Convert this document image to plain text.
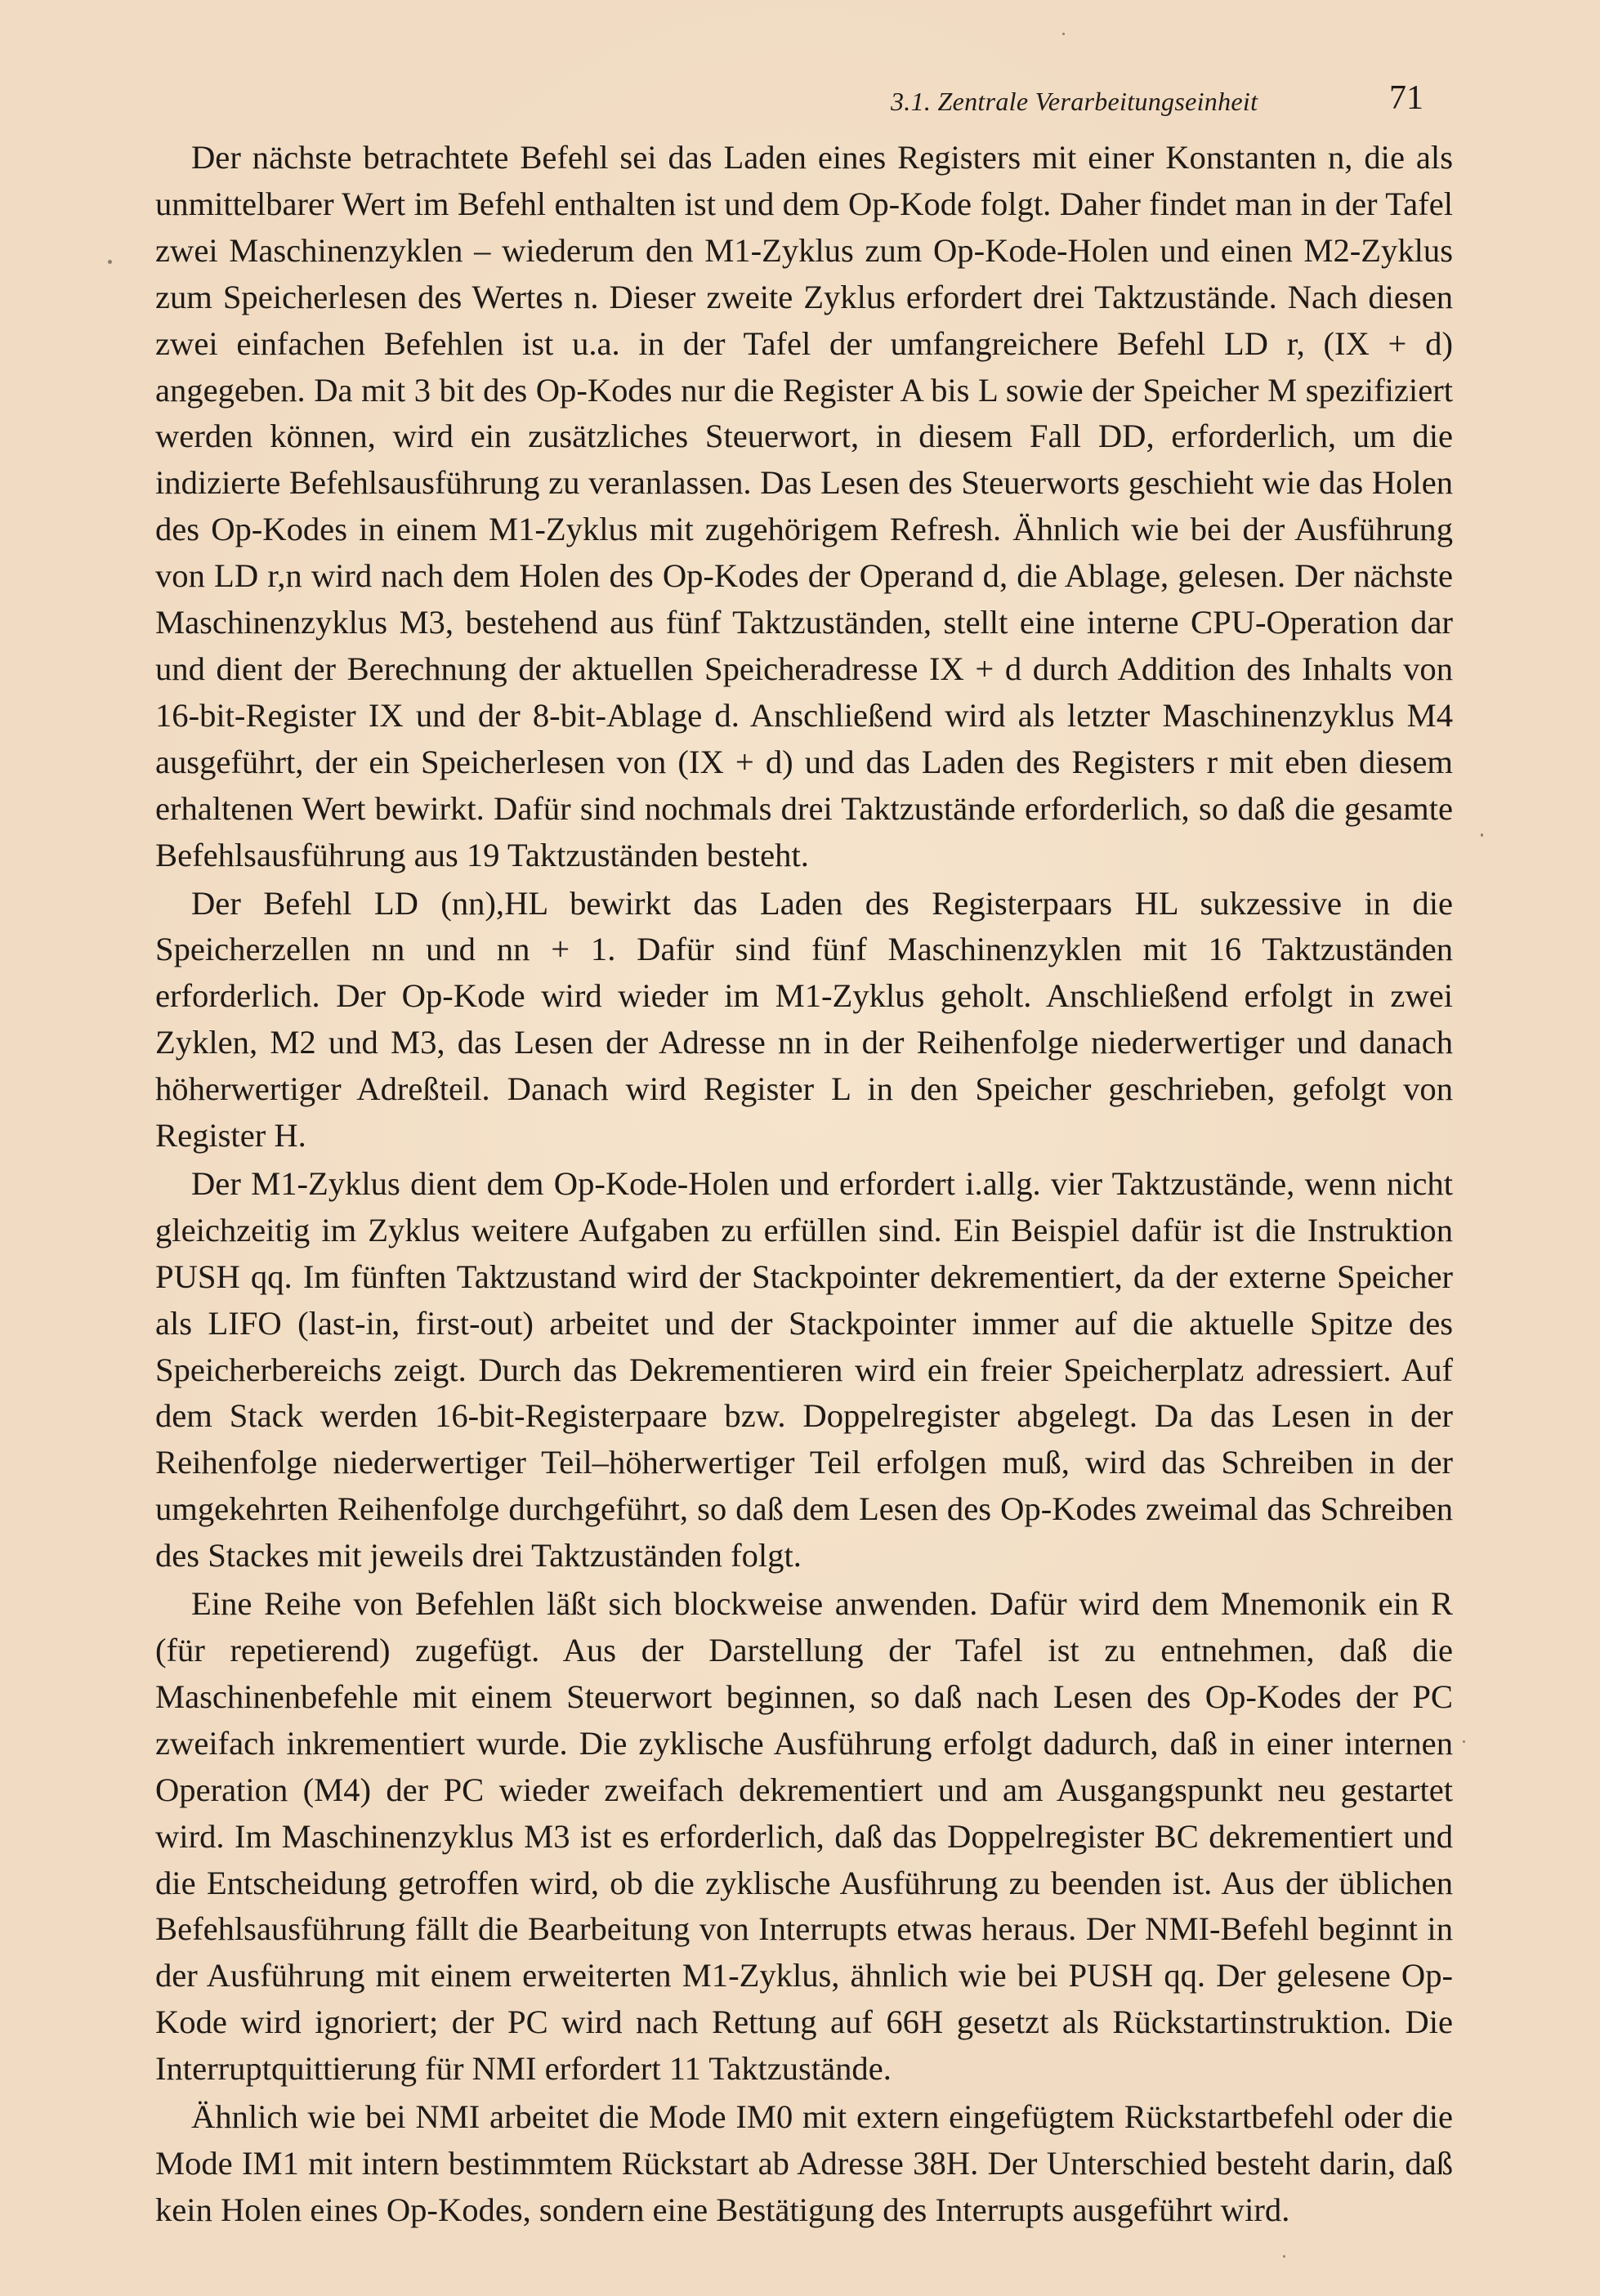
3.1. Zentrale Verarbeitungseinheit	71

Der nächste betrachtete Befehl sei das Laden eines Registers mit einer Konstanten n, die als unmittelbarer Wert im Befehl enthalten ist und dem Op-Kode folgt. Daher findet man in der Tafel zwei Maschinenzyklen – wiederum den M1-Zyklus zum Op-Kode-Holen und einen M2-Zyklus zum Speicherlesen des Wertes n. Dieser zweite Zyklus erfordert drei Taktzustände. Nach diesen zwei einfachen Befehlen ist u.a. in der Tafel der umfangreichere Befehl LD r, (IX + d) angegeben. Da mit 3 bit des Op-Kodes nur die Register A bis L sowie der Speicher M spezifiziert werden können, wird ein zusätzliches Steuerwort, in diesem Fall DD, erforderlich, um die indizierte Befehlsausführung zu veranlassen. Das Lesen des Steuerworts geschieht wie das Holen des Op-Kodes in einem M1-Zyklus mit zugehörigem Refresh. Ähnlich wie bei der Ausführung von LD r,n wird nach dem Holen des Op-Kodes der Operand d, die Ablage, gelesen. Der nächste Maschinenzyklus M3, bestehend aus fünf Taktzuständen, stellt eine interne CPU-Operation dar und dient der Berechnung der aktuellen Speicheradresse IX + d durch Addition des Inhalts von 16-bit-Register IX und der 8-bit-Ablage d. Anschließend wird als letzter Maschinenzyklus M4 ausgeführt, der ein Speicherlesen von (IX + d) und das Laden des Registers r mit eben diesem erhaltenen Wert bewirkt. Dafür sind nochmals drei Taktzustände erforderlich, so daß die gesamte Befehlsausführung aus 19 Taktzuständen besteht.

Der Befehl LD (nn),HL bewirkt das Laden des Registerpaars HL sukzessive in die Speicherzellen nn und nn + 1. Dafür sind fünf Maschinenzyklen mit 16 Taktzuständen erforderlich. Der Op-Kode wird wieder im M1-Zyklus geholt. Anschließend erfolgt in zwei Zyklen, M2 und M3, das Lesen der Adresse nn in der Reihenfolge niederwertiger und danach höherwertiger Adreßteil. Danach wird Register L in den Speicher geschrieben, gefolgt von Register H.

Der M1-Zyklus dient dem Op-Kode-Holen und erfordert i.allg. vier Taktzustände, wenn nicht gleichzeitig im Zyklus weitere Aufgaben zu erfüllen sind. Ein Beispiel dafür ist die Instruktion PUSH qq. Im fünften Taktzustand wird der Stackpointer dekrementiert, da der externe Speicher als LIFO (last-in, first-out) arbeitet und der Stackpointer immer auf die aktuelle Spitze des Speicherbereichs zeigt. Durch das Dekrementieren wird ein freier Speicherplatz adressiert. Auf dem Stack werden 16-bit-Registerpaare bzw. Doppelregister abgelegt. Da das Lesen in der Reihenfolge niederwertiger Teil–höherwertiger Teil erfolgen muß, wird das Schreiben in der umgekehrten Reihenfolge durchgeführt, so daß dem Lesen des Op-Kodes zweimal das Schreiben des Stackes mit jeweils drei Taktzuständen folgt.

Eine Reihe von Befehlen läßt sich blockweise anwenden. Dafür wird dem Mnemonik ein R (für repetierend) zugefügt. Aus der Darstellung der Tafel ist zu entnehmen, daß die Maschinenbefehle mit einem Steuerwort beginnen, so daß nach Lesen des Op-Kodes der PC zweifach inkrementiert wurde. Die zyklische Ausführung erfolgt dadurch, daß in einer internen Operation (M4) der PC wieder zweifach dekrementiert und am Ausgangspunkt neu gestartet wird. Im Maschinenzyklus M3 ist es erforderlich, daß das Doppelregister BC dekrementiert und die Entscheidung getroffen wird, ob die zyklische Ausführung zu beenden ist. Aus der üblichen Befehlsausführung fällt die Bearbeitung von Interrupts etwas heraus. Der NMI-Befehl beginnt in der Ausführung mit einem erweiterten M1-Zyklus, ähnlich wie bei PUSH qq. Der gelesene Op-Kode wird ignoriert; der PC wird nach Rettung auf 66H gesetzt als Rückstartinstruktion. Die Interruptquittierung für NMI erfordert 11 Taktzustände.

Ähnlich wie bei NMI arbeitet die Mode IM0 mit extern eingefügtem Rückstartbefehl oder die Mode IM1 mit intern bestimmtem Rückstart ab Adresse 38H. Der Unterschied besteht darin, daß kein Holen eines Op-Kodes, sondern eine Bestätigung des Interrupts ausgeführt wird.
